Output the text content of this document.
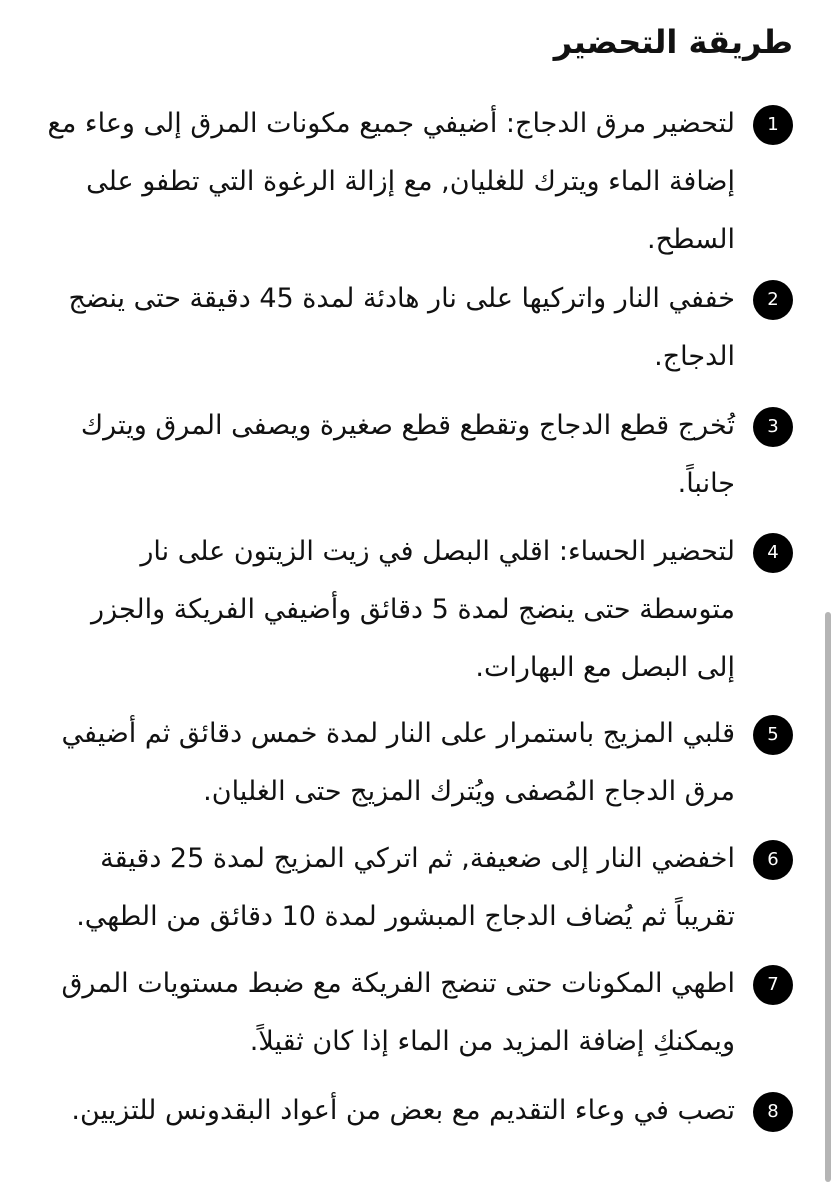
طريقة التحضير
1

لتحضير مرق الدجاج: أضيفي جميع مكونات المرق إلى وعاء مع إضافة الماء ويترك للغليان, مع إزالة الرغوة التي تطفو على السطح.

2

خففي النار واتركيها على نار هادئة لمدة 45 دقيقة حتى ينضج الدجاج.

3

تُخرج قطع الدجاج وتقطع قطع صغيرة ويصفى المرق ويترك جانباً.

4

لتحضير الحساء: اقلي البصل في زيت الزيتون على نار متوسطة حتى ينضج لمدة 5 دقائق وأضيفي الفريكة والجزر إلى البصل مع البهارات.

5

قلبي المزيج باستمرار على النار لمدة خمس دقائق ثم أضيفي مرق الدجاج المُصفى ويُترك المزيج حتى الغليان.

6

اخفضي النار إلى ضعيفة, ثم اتركي المزيج لمدة 25 دقيقة تقريباً ثم يُضاف الدجاج المبشور لمدة 10 دقائق من الطهي.

7

اطهي المكونات حتى تنضج الفريكة مع ضبط مستويات المرق ويمكنكِ إضافة المزيد من الماء إذا كان ثقيلاً.

8

تصب في وعاء التقديم مع بعض من أعواد البقدونس للتزيين.
